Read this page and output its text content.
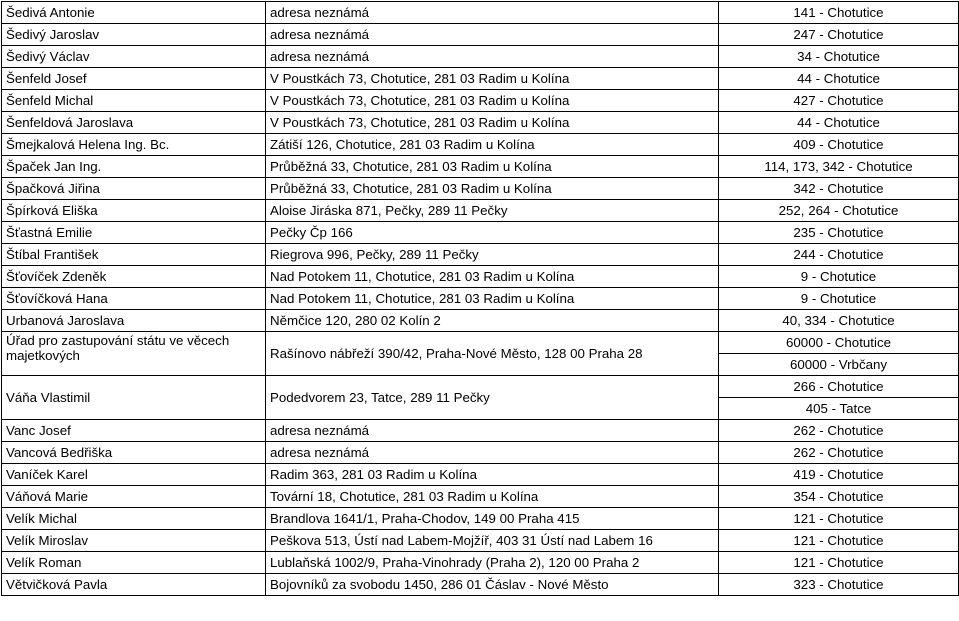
Šedivá Antonie	adresa neznámá	141 - Chotutice
Šedivý Jaroslav	adresa neznámá	247 - Chotutice
Šedivý Václav	adresa neznámá	34 - Chotutice
Šenfeld Josef	V Poustkách 73, Chotutice, 281 03 Radim u Kolína	44 - Chotutice
Šenfeld Michal	V Poustkách 73, Chotutice, 281 03 Radim u Kolína	427 - Chotutice
Šenfeldová Jaroslava	V Poustkách 73, Chotutice, 281 03 Radim u Kolína	44 - Chotutice
Šmejkalová Helena Ing. Bc.	Zátiší 126, Chotutice, 281 03 Radim u Kolína	409 - Chotutice
Špaček Jan Ing.	Průběžná 33, Chotutice, 281 03 Radim u Kolína	114, 173, 342 - Chotutice
Špačková Jiřina	Průběžná 33, Chotutice, 281 03 Radim u Kolína	342 - Chotutice
Špírková Eliška	Aloise Jiráska 871, Pečky, 289 11 Pečky	252, 264 - Chotutice
Šťastná Emilie	Pečky Čp 166	235 - Chotutice
Štíbal František	Riegrova 996, Pečky, 289 11 Pečky	244 - Chotutice
Šťovíček Zdeněk	Nad Potokem 11, Chotutice, 281 03 Radim u Kolína	9 - Chotutice
Šťovíčková Hana	Nad Potokem 11, Chotutice, 281 03 Radim u Kolína	9 - Chotutice
Urbanová Jaroslava	Němčice 120, 280 02 Kolín 2	40, 334 - Chotutice
Úřad pro zastupování státu ve věcech majetkových	Rašínovo nábřeží 390/42, Praha-Nové Město, 128 00 Praha 28	60000 - Chotutice
		60000 - Vrbčany
Váňa Vlastimil	Podedvorem 23, Tatce, 289 11 Pečky	266 - Chotutice
		405 - Tatce
Vanc Josef	adresa neznámá	262 - Chotutice
Vancová Bedřiška	adresa neznámá	262 - Chotutice
Vaníček Karel	Radim 363, 281 03 Radim u Kolína	419 - Chotutice
Váňová Marie	Tovární 18, Chotutice, 281 03 Radim u Kolína	354 - Chotutice
Velík Michal	Brandlova 1641/1, Praha-Chodov, 149 00 Praha 415	121 - Chotutice
Velík Miroslav	Peškova 513, Ústí nad Labem-Mojžíř, 403 31 Ústí nad Labem 16	121 - Chotutice
Velík Roman	Lublaňská 1002/9, Praha-Vinohrady (Praha 2), 120 00 Praha 2	121 - Chotutice
Větvičková Pavla	Bojovníků za svobodu 1450, 286 01 Čáslav - Nové Město	323 - Chotutice
